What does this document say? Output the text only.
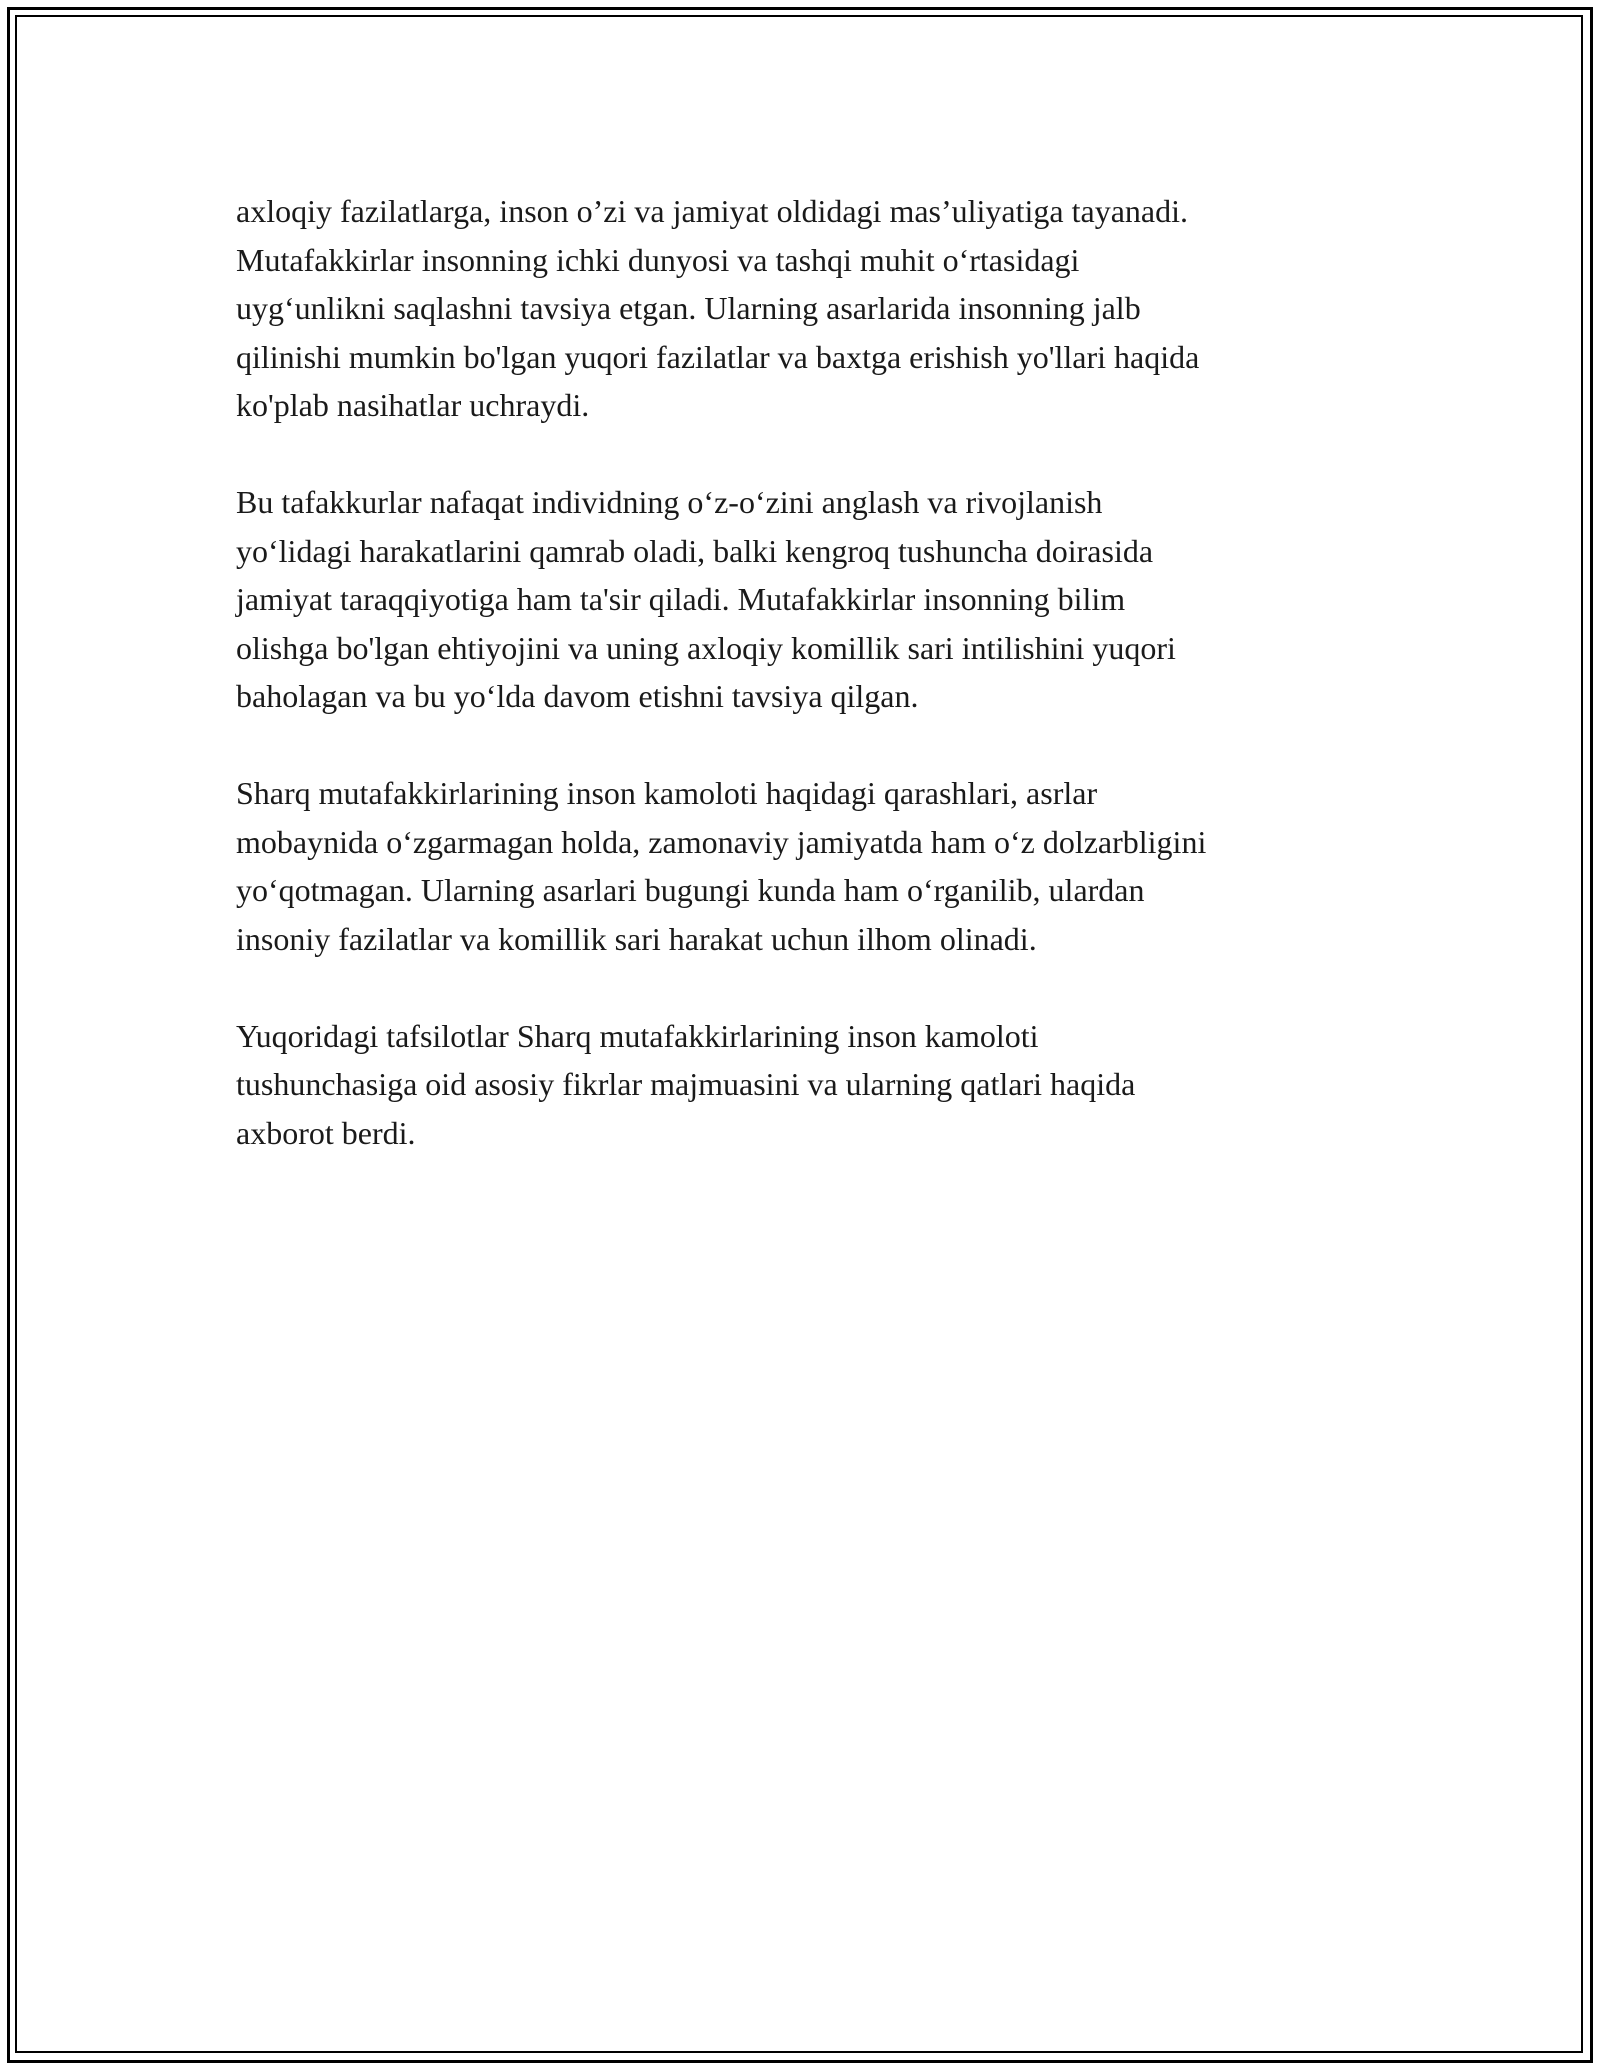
axloqiy fazilatlarga, inson o’zi va jamiyat oldidagi mas’uliyatiga tayanadi.
Mutafakkirlar insonning ichki dunyosi va tashqi muhit o‘rtasidagi
uyg‘unlikni saqlashni tavsiya etgan. Ularning asarlarida insonning jalb
qilinishi mumkin bo'lgan yuqori fazilatlar va baxtga erishish yo'llari haqida
ko'plab nasihatlar uchraydi.

Bu tafakkurlar nafaqat individning o‘z-o‘zini anglash va rivojlanish
yo‘lidagi harakatlarini qamrab oladi, balki kengroq tushuncha doirasida
jamiyat taraqqiyotiga ham ta'sir qiladi. Mutafakkirlar insonning bilim
olishga bo'lgan ehtiyojini va uning axloqiy komillik sari intilishini yuqori
baholagan va bu yo‘lda davom etishni tavsiya qilgan.

Sharq mutafakkirlarining inson kamoloti haqidagi qarashlari, asrlar
mobaynida o‘zgarmagan holda, zamonaviy jamiyatda ham o‘z dolzarbligini
yo‘qotmagan. Ularning asarlari bugungi kunda ham o‘rganilib, ulardan
insoniy fazilatlar va komillik sari harakat uchun ilhom olinadi.

Yuqoridagi tafsilotlar Sharq mutafakkirlarining inson kamoloti
tushunchasiga oid asosiy fikrlar majmuasini va ularning qatlari haqida
axborot berdi.
